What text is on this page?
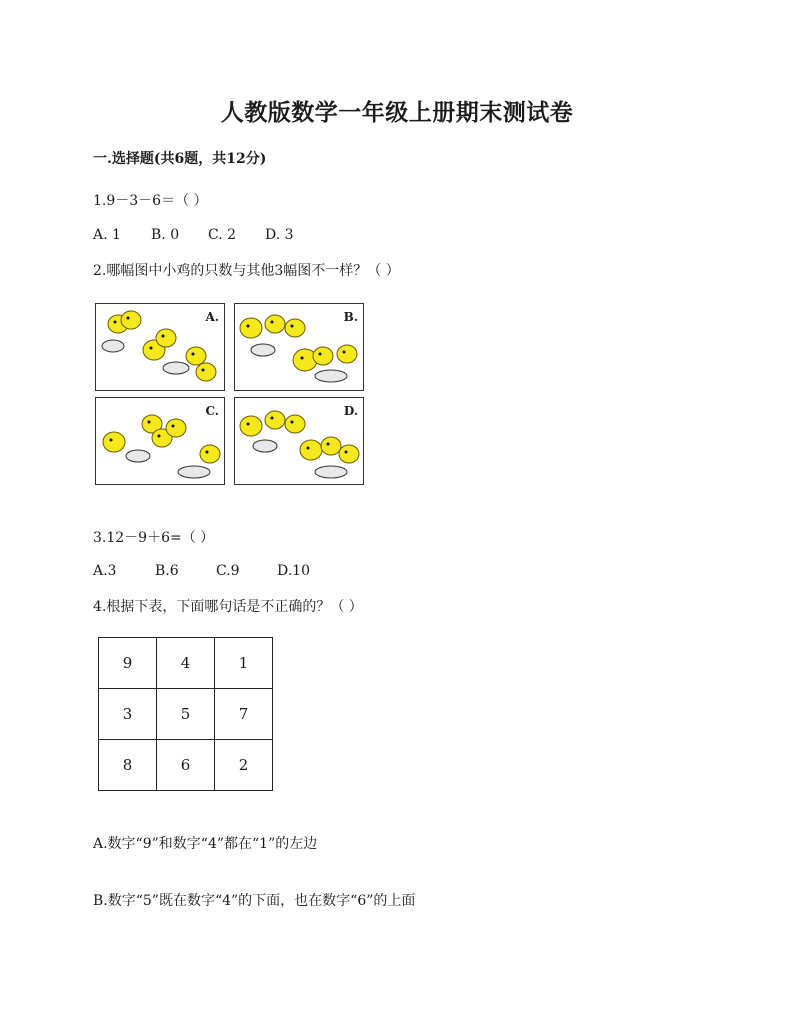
人教版数学一年级上册期末测试卷
一.选择题(共6题，共12分)
1.9－3－6＝（ ）
A. 1 B. 0 C. 2 D. 3
2.哪幅图中小鸡的只数与其他3幅图不一样？（ ）
A.	B.
C.	D.
3.12－9＋6=（ ）
A.3	B.6	C.9	D.10
4.根据下表，下面哪句话是不正确的？（ ）
9	4	1
3	5	7
8	6	2
A.数字“9”和数字“4”都在“1”的左边
B.数字“5”既在数字“4”的下面，也在数字“6”的上面
